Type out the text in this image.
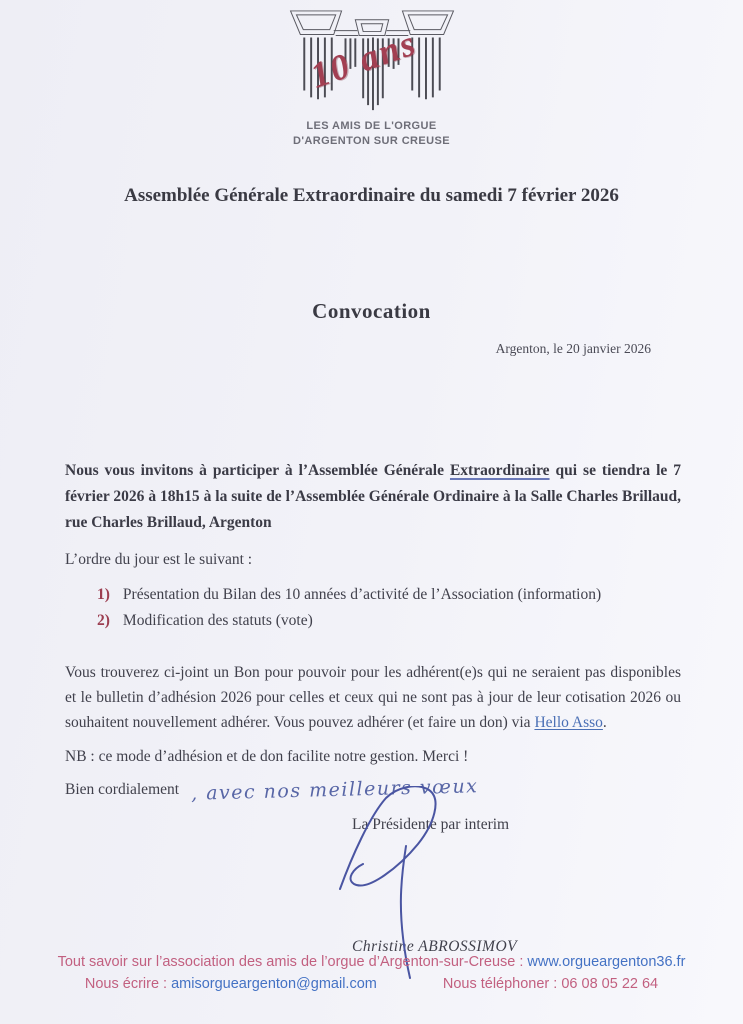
10 ans
LES AMIS DE L'ORGUE
D'ARGENTON SUR CREUSE
Assemblée Générale Extraordinaire du samedi 7 février 2026
Convocation
Argenton, le 20 janvier 2026

Nous vous invitons à participer à l’Assemblée Générale Extraordinaire qui se tiendra le 7 février 2026 à 18h15 à la suite de l’Assemblée Générale Ordinaire à la Salle Charles Brillaud, rue Charles Brillaud, Argenton

L’ordre du jour est le suivant :

1) Présentation du Bilan des 10 années d’activité de l’Association (information)
2) Modification des statuts (vote)

Vous trouverez ci-joint un Bon pour pouvoir pour les adhérent(e)s qui ne seraient pas disponibles et le bulletin d’adhésion 2026 pour celles et ceux qui ne sont pas à jour de leur cotisation 2026 ou souhaitent nouvellement adhérer. Vous pouvez adhérer (et faire un don) via Hello Asso.

NB : ce mode d’adhésion et de don facilite notre gestion. Merci !

Bien cordialement , avec nos meilleurs vœux

La Présidente par interim

Christine ABROSSIMOV

Tout savoir sur l’association des amis de l’orgue d’Argenton-sur-Creuse : www.orgueargenton36.fr
Nous écrire : amisorgueargenton@gmail.com	Nous téléphoner : 06 08 05 22 64
